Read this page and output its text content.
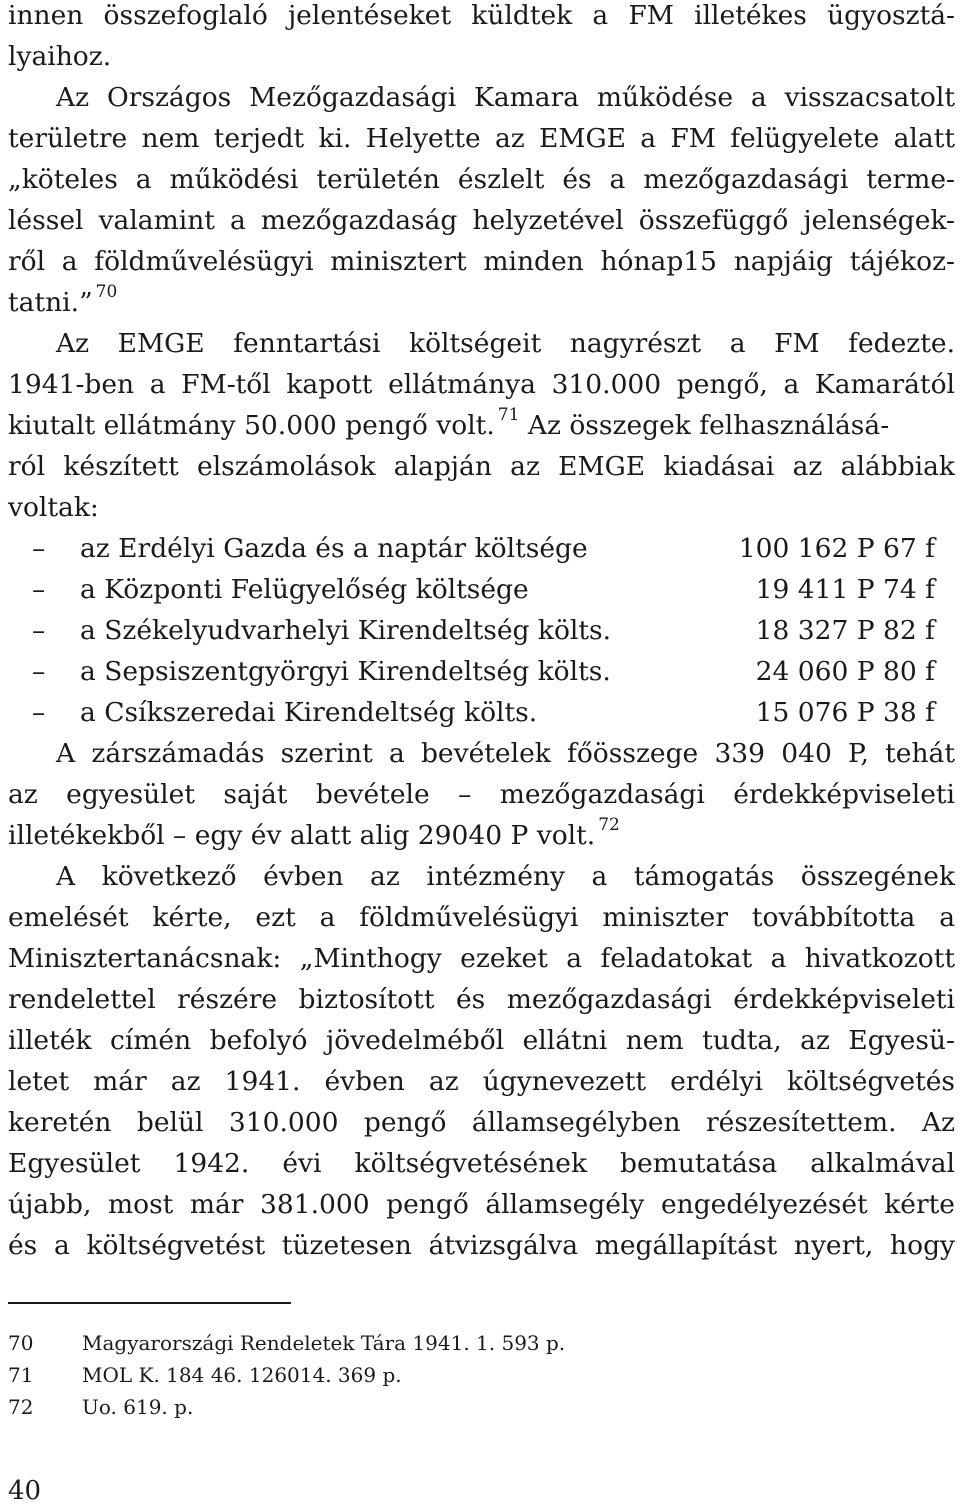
innen összefoglaló jelentéseket küldtek a FM illetékes ügyosztá-
lyaihoz.
Az Országos Mezőgazdasági Kamara működése a visszacsatolt
területre nem terjedt ki. Helyette az EMGE a FM felügyelete alatt
„köteles a működési területén észlelt és a mezőgazdasági terme-
léssel valamint a mezőgazdaság helyzetével összefüggő jelenségek-
ről a földművelésügyi minisztert minden hónap15 napjáig tájékoz-
tatni.” $^{70}$
Az EMGE fenntartási költségeit nagyrészt a FM fedezte.
1941-ben a FM-től kapott ellátmánya 310.000 pengő, a Kamarától
kiutalt ellátmány 50.000 pengő volt. $^{71}$ Az összegek felhasználásá-
ról készített elszámolások alapján az EMGE kiadásai az alábbiak
voltak:
– az Erdélyi Gazda és a naptár költsége	100 162 P 67 f
– a Központi Felügyelőség költsége	19 411 P 74 f
– a Székelyudvarhelyi Kirendeltség költs.	18 327 P 82 f
– a Sepsiszentgyörgyi Kirendeltség költs.	24 060 P 80 f
– a Csíkszeredai Kirendeltség költs.	15 076 P 38 f
A zárszámadás szerint a bevételek főösszege 339 040 P, tehát
az egyesület saját bevétele – mezőgazdasági érdekképviseleti
illetékekből – egy év alatt alig 29040 P volt. $^{72}$
A következő évben az intézmény a támogatás összegének
emelését kérte, ezt a földművelésügyi miniszter továbbította a
Minisztertanácsnak: „Minthogy ezeket a feladatokat a hivatkozott
rendelettel részére biztosított és mezőgazdasági érdekképviseleti
illeték címén befolyó jövedelméből ellátni nem tudta, az Egyesü-
letet már az 1941. évben az úgynevezett erdélyi költségvetés
keretén belül 310.000 pengő államsegélyben részesítettem. Az
Egyesület 1942. évi költségvetésének bemutatása alkalmával
újabb, most már 381.000 pengő államsegély engedélyezését kérte
és a költségvetést tüzetesen átvizsgálva megállapítást nyert, hogy
70 Magyarországi Rendeletek Tára 1941. 1. 593 p.
71 MOL K. 184 46. 126014. 369 p.
72 Uo. 619. p.
40
